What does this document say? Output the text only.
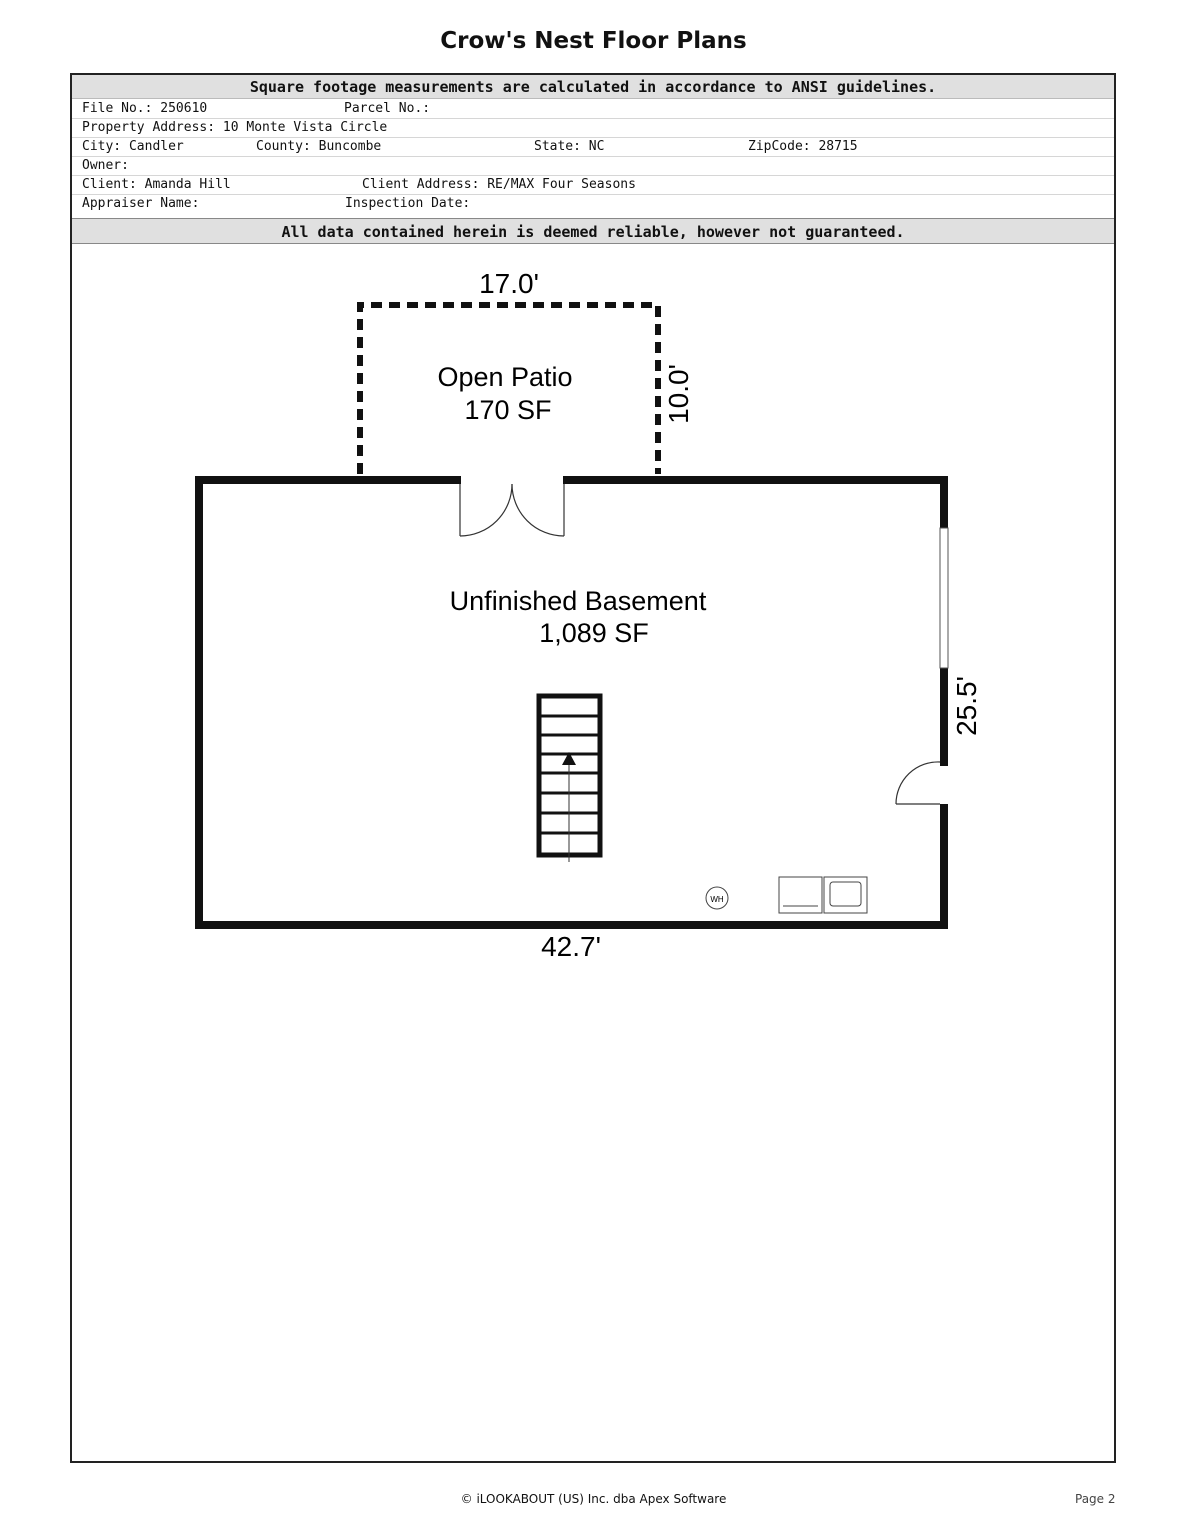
Crow's Nest Floor Plans
Square footage measurements are calculated in accordance to ANSI guidelines.
File No.: 250610	Parcel No.:
Property Address: 10 Monte Vista Circle
City: Candler	County: Buncombe	State: NC	ZipCode: 28715
Owner:
Client: Amanda Hill	Client Address: RE/MAX Four Seasons
Appraiser Name:	Inspection Date:
All data contained herein is deemed reliable, however not guaranteed.
17.0'
10.0'
Open Patio
170 SF
WH
Unfinished Basement
1,089 SF
42.7'
25.5'
© iLOOKABOUT (US) Inc. dba Apex Software	Page 2
